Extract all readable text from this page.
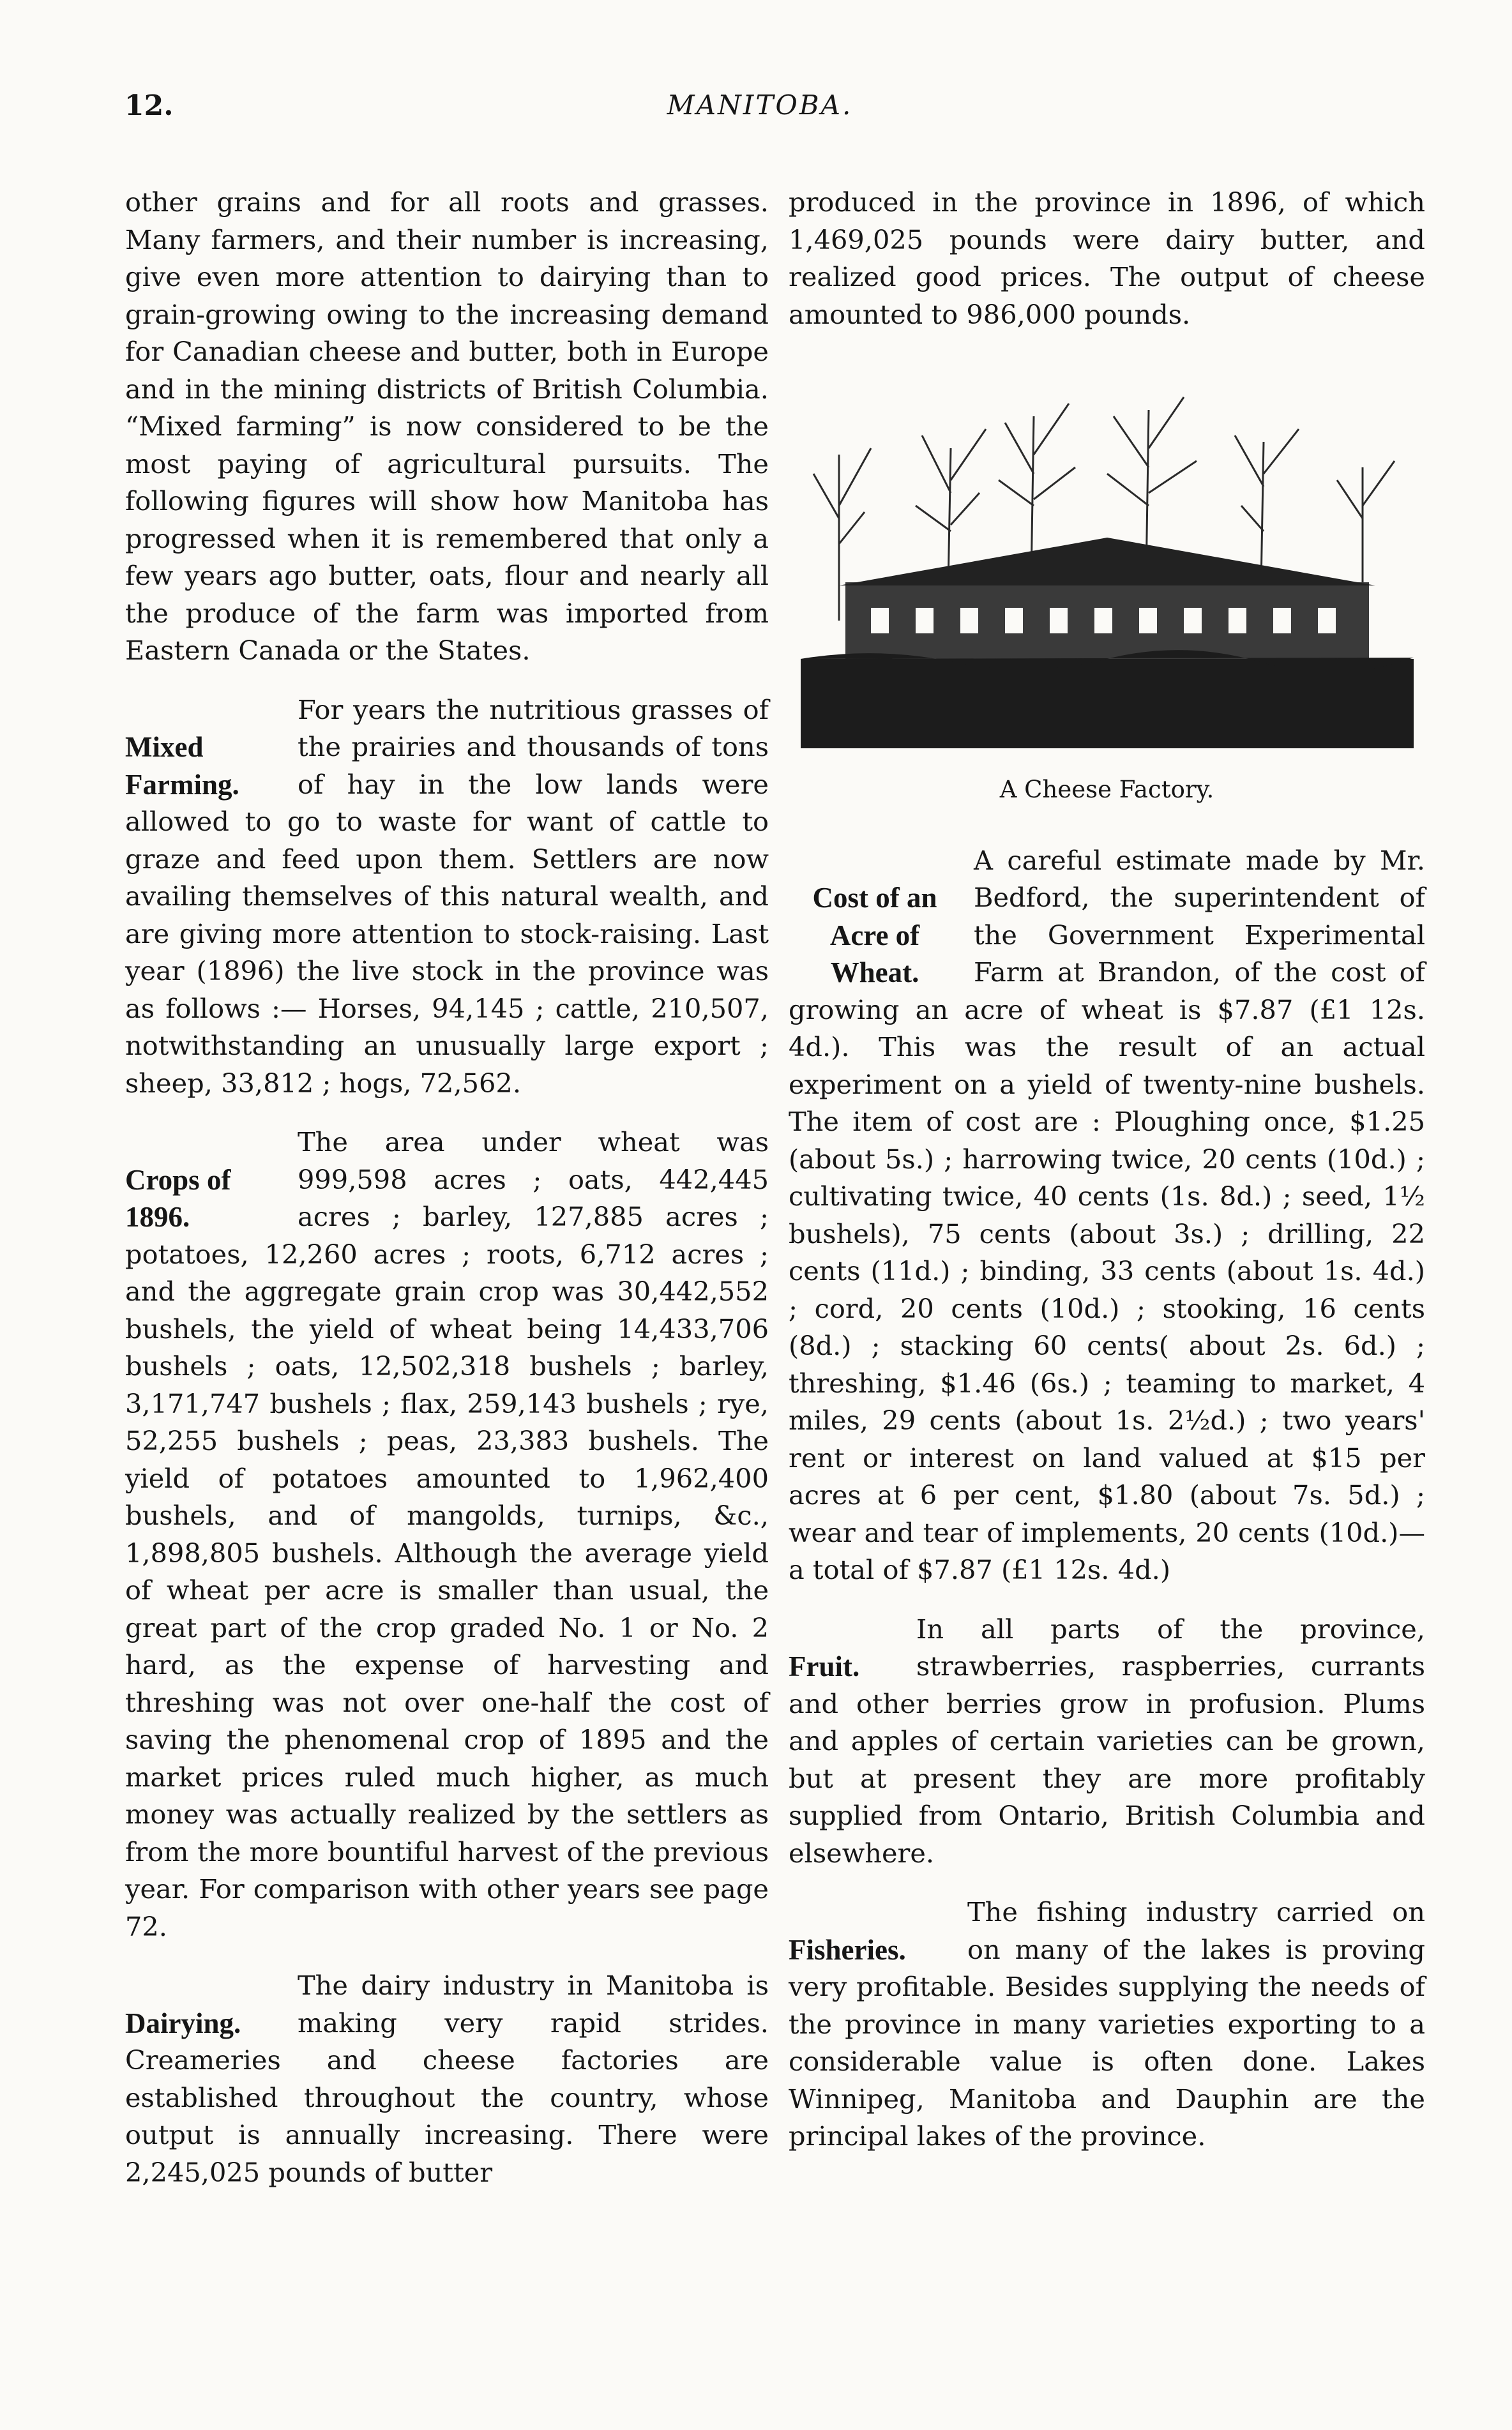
12.	MANITOBA.

other grains and for all roots and grasses. Many farmers, and their number is increasing, give even more attention to dairying than to grain-growing owing to the increasing demand for Canadian cheese and butter, both in Europe and in the mining districts of British Columbia. “Mixed farming” is now considered to be the most paying of agricultural pursuits. The following figures will show how Manitoba has progressed when it is remembered that only a few years ago butter, oats, flour and nearly all the produce of the farm was imported from Eastern Canada or the States.

Mixed Farming.

For years the nutritious grasses of the prairies and thousands of tons of hay in the low lands were allowed to go to waste for want of cattle to graze and feed upon them. Settlers are now availing themselves of this natural wealth, and are giving more attention to stock-raising. Last year (1896) the live stock in the province was as follows :— Horses, 94,145 ; cattle, 210,507, notwithstanding an unusually large export ; sheep, 33,812 ; hogs, 72,562.

Crops of 1896.

The area under wheat was 999,598 acres ; oats, 442,445 acres ; barley, 127,885 acres ; potatoes, 12,260 acres ; roots, 6,712 acres ; and the aggregate grain crop was 30,442,552 bushels, the yield of wheat being 14,433,706 bushels ; oats, 12,502,318 bushels ; barley, 3,171,747 bushels ; flax, 259,143 bushels ; rye, 52,255 bushels ; peas, 23,383 bushels. The yield of potatoes amounted to 1,962,400 bushels, and of mangolds, turnips, &c., 1,898,805 bushels. Although the average yield of wheat per acre is smaller than usual, the great part of the crop graded No. 1 or No. 2 hard, as the expense of harvesting and threshing was not over one-half the cost of saving the phenomenal crop of 1895 and the market prices ruled much higher, as much money was actually realized by the settlers as from the more bountiful harvest of the previous year. For comparison with other years see page 72.

Dairying.

The dairy industry in Manitoba is making very rapid strides. Creameries and cheese factories are established throughout the country, whose output is annually increasing. There were 2,245,025 pounds of butter

produced in the province in 1896, of which 1,469,025 pounds were dairy butter, and realized good prices. The output of cheese amounted to 986,000 pounds.

A Cheese Factory.
Cost of an Acre of Wheat.

A careful estimate made by Mr. Bedford, the superintendent of the Government Experimental Farm at Brandon, of the cost of growing an acre of wheat is $7.87 (£1 12s. 4d.). This was the result of an actual experiment on a yield of twenty-nine bushels. The item of cost are : Ploughing once, $1.25 (about 5s.) ; harrowing twice, 20 cents (10d.) ; cultivating twice, 40 cents (1s. 8d.) ; seed, 1½ bushels), 75 cents (about 3s.) ; drilling, 22 cents (11d.) ; binding, 33 cents (about 1s. 4d.) ; cord, 20 cents (10d.) ; stooking, 16 cents (8d.) ; stacking 60 cents( about 2s. 6d.) ; threshing, $1.46 (6s.) ; teaming to market, 4 miles, 29 cents (about 1s. 2½d.) ; two years' rent or interest on land valued at $15 per acres at 6 per cent, $1.80 (about 7s. 5d.) ; wear and tear of implements, 20 cents (10d.)—a total of $7.87 (£1 12s. 4d.)

Fruit.

In all parts of the province, strawberries, raspberries, currants and other berries grow in profusion. Plums and apples of certain varieties can be grown, but at present they are more profitably supplied from Ontario, British Columbia and elsewhere.

Fisheries.

The fishing industry carried on on many of the lakes is proving very profitable. Besides supplying the needs of the province in many varieties exporting to a considerable value is often done. Lakes Winnipeg, Manitoba and Dauphin are the principal lakes of the province.
